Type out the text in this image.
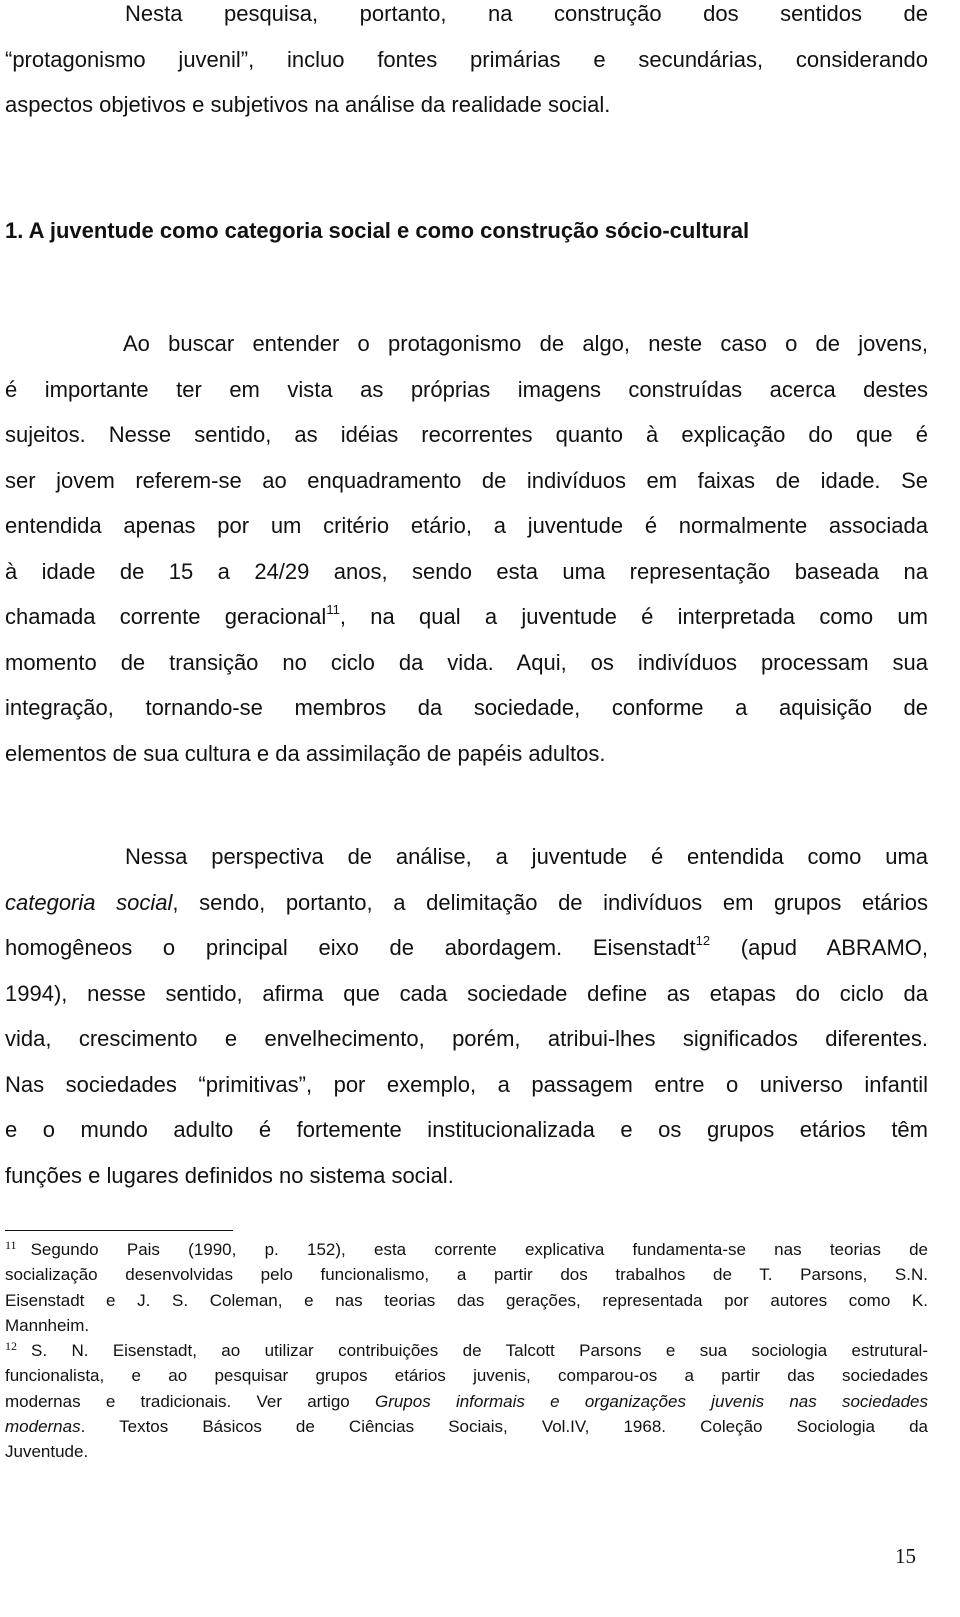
Nesta pesquisa, portanto, na construção dos sentidos de
“protagonismo juvenil”, incluo fontes primárias e secundárias, considerando
aspectos objetivos e subjetivos na análise da realidade social.
1. A juventude como categoria social e como construção sócio-cultural
Ao buscar entender o protagonismo de algo, neste caso o de jovens,
é importante ter em vista as próprias imagens construídas acerca destes
sujeitos. Nesse sentido, as idéias recorrentes quanto à explicação do que é
ser jovem referem-se ao enquadramento de indivíduos em faixas de idade. Se
entendida apenas por um critério etário, a juventude é normalmente associada
à idade de 15 a 24/29 anos, sendo esta uma representação baseada na
chamada corrente geracional$^{11}$, na qual a juventude é interpretada como um
momento de transição no ciclo da vida. Aqui, os indivíduos processam sua
integração, tornando-se membros da sociedade, conforme a aquisição de
elementos de sua cultura e da assimilação de papéis adultos.
Nessa perspectiva de análise, a juventude é entendida como uma
categoria social, sendo, portanto, a delimitação de indivíduos em grupos etários
homogêneos o principal eixo de abordagem. Eisenstadt$^{12}$ (apud ABRAMO,
1994), nesse sentido, afirma que cada sociedade define as etapas do ciclo da
vida, crescimento e envelhecimento, porém, atribui-lhes significados diferentes.
Nas sociedades “primitivas”, por exemplo, a passagem entre o universo infantil
e o mundo adulto é fortemente institucionalizada e os grupos etários têm
funções e lugares definidos no sistema social.
$^{11}$ Segundo Pais (1990, p. 152), esta corrente explicativa fundamenta-se nas teorias de
socialização desenvolvidas pelo funcionalismo, a partir dos trabalhos de T. Parsons, S.N.
Eisenstadt e J. S. Coleman, e nas teorias das gerações, representada por autores como K.
Mannheim.
$^{12}$ S. N. Eisenstadt, ao utilizar contribuições de Talcott Parsons e sua sociologia estrutural-
funcionalista, e ao pesquisar grupos etários juvenis, comparou-os a partir das sociedades
modernas e tradicionais. Ver artigo Grupos informais e organizações juvenis nas sociedades
modernas. Textos Básicos de Ciências Sociais, Vol.IV, 1968. Coleção Sociologia da
Juventude.
15
